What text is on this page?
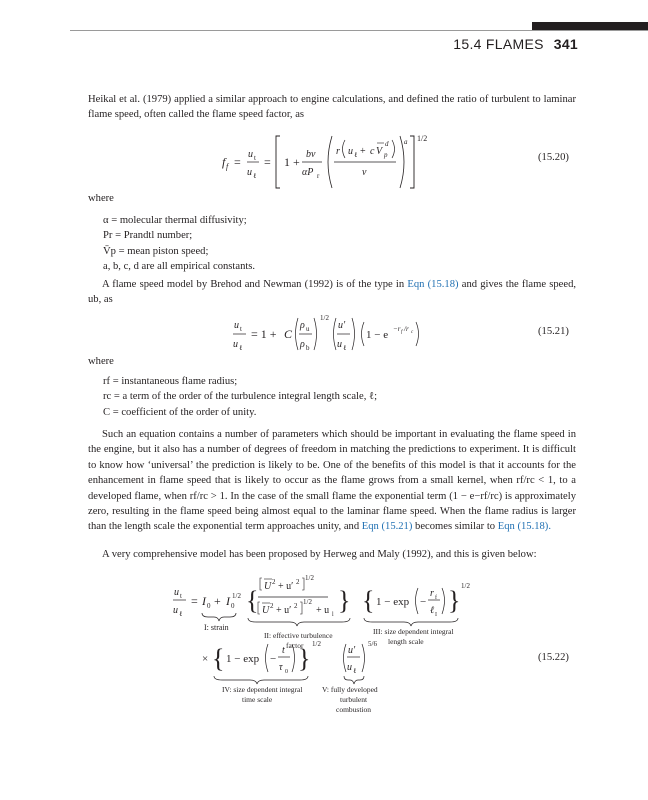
15.4 FLAMES 341
Heikal et al. (1979) applied a similar approach to engine calculations, and defined the ratio of turbulent to laminar flame speed, often called the flame speed factor, as
f f =
u t
u ℓ
= 1 +
bν
αP r
r u ℓ + c V p
d
ν
a 1/2
(15.20)
where
α = molecular thermal diffusivity;
Pr = Prandtl number;
V̄p = mean piston speed;
a, b, c, d are all empirical constants.
A flame speed model by Brehod and Newman (1992) is of the type in Eqn (15.18) and gives the flame speed, ub, as
u t
u ℓ
= 1 + C
ρ u
ρ b
1/2
u′
u ℓ
1 − e −r f /r c	(15.21)
where
rf = instantaneous flame radius;
rc = a term of the order of the turbulence integral length scale, ℓ;
C = coefficient of the order of unity.
Such an equation contains a number of parameters which should be important in evaluating the flame speed in the engine, but it also has a number of degrees of freedom in matching the predictions to experiment. It is difficult to know how ‘universal’ the prediction is likely to be. One of the benefits of this model is that it accounts for the enhancement in flame speed that is likely to occur as the flame grows from a small kernel, when rf/rc < 1, to a developed flame, when rf/rc > 1. In the case of the small flame the exponential term (1 − e−rf/rc) is approximately zero, resulting in the flame speed being almost equal to the laminar flame speed. When the flame radius is larger than the length scale the exponential term approaches unity, and Eqn (15.21) becomes similar to Eqn (15.18).
A very comprehensive model has been proposed by Herweg and Maly (1992), and this is given below:
u t
u ℓ
= I 0 + I 0
1/2
I: strain
{ U 2 + u′ 2 1/2
U 2 + u′ 2 1/2
+ u l }
II: effective turbulence
factor
{ 1 − exp −
r f
ℓ I } 1/2
III: size dependent integral
length scale
× { 1 − exp −
t
τ 0 } 1/2
IV: size dependent integral
time scale
u′
u ℓ
5/6
V: fully developed
turbulent
combustion
(15.22)
